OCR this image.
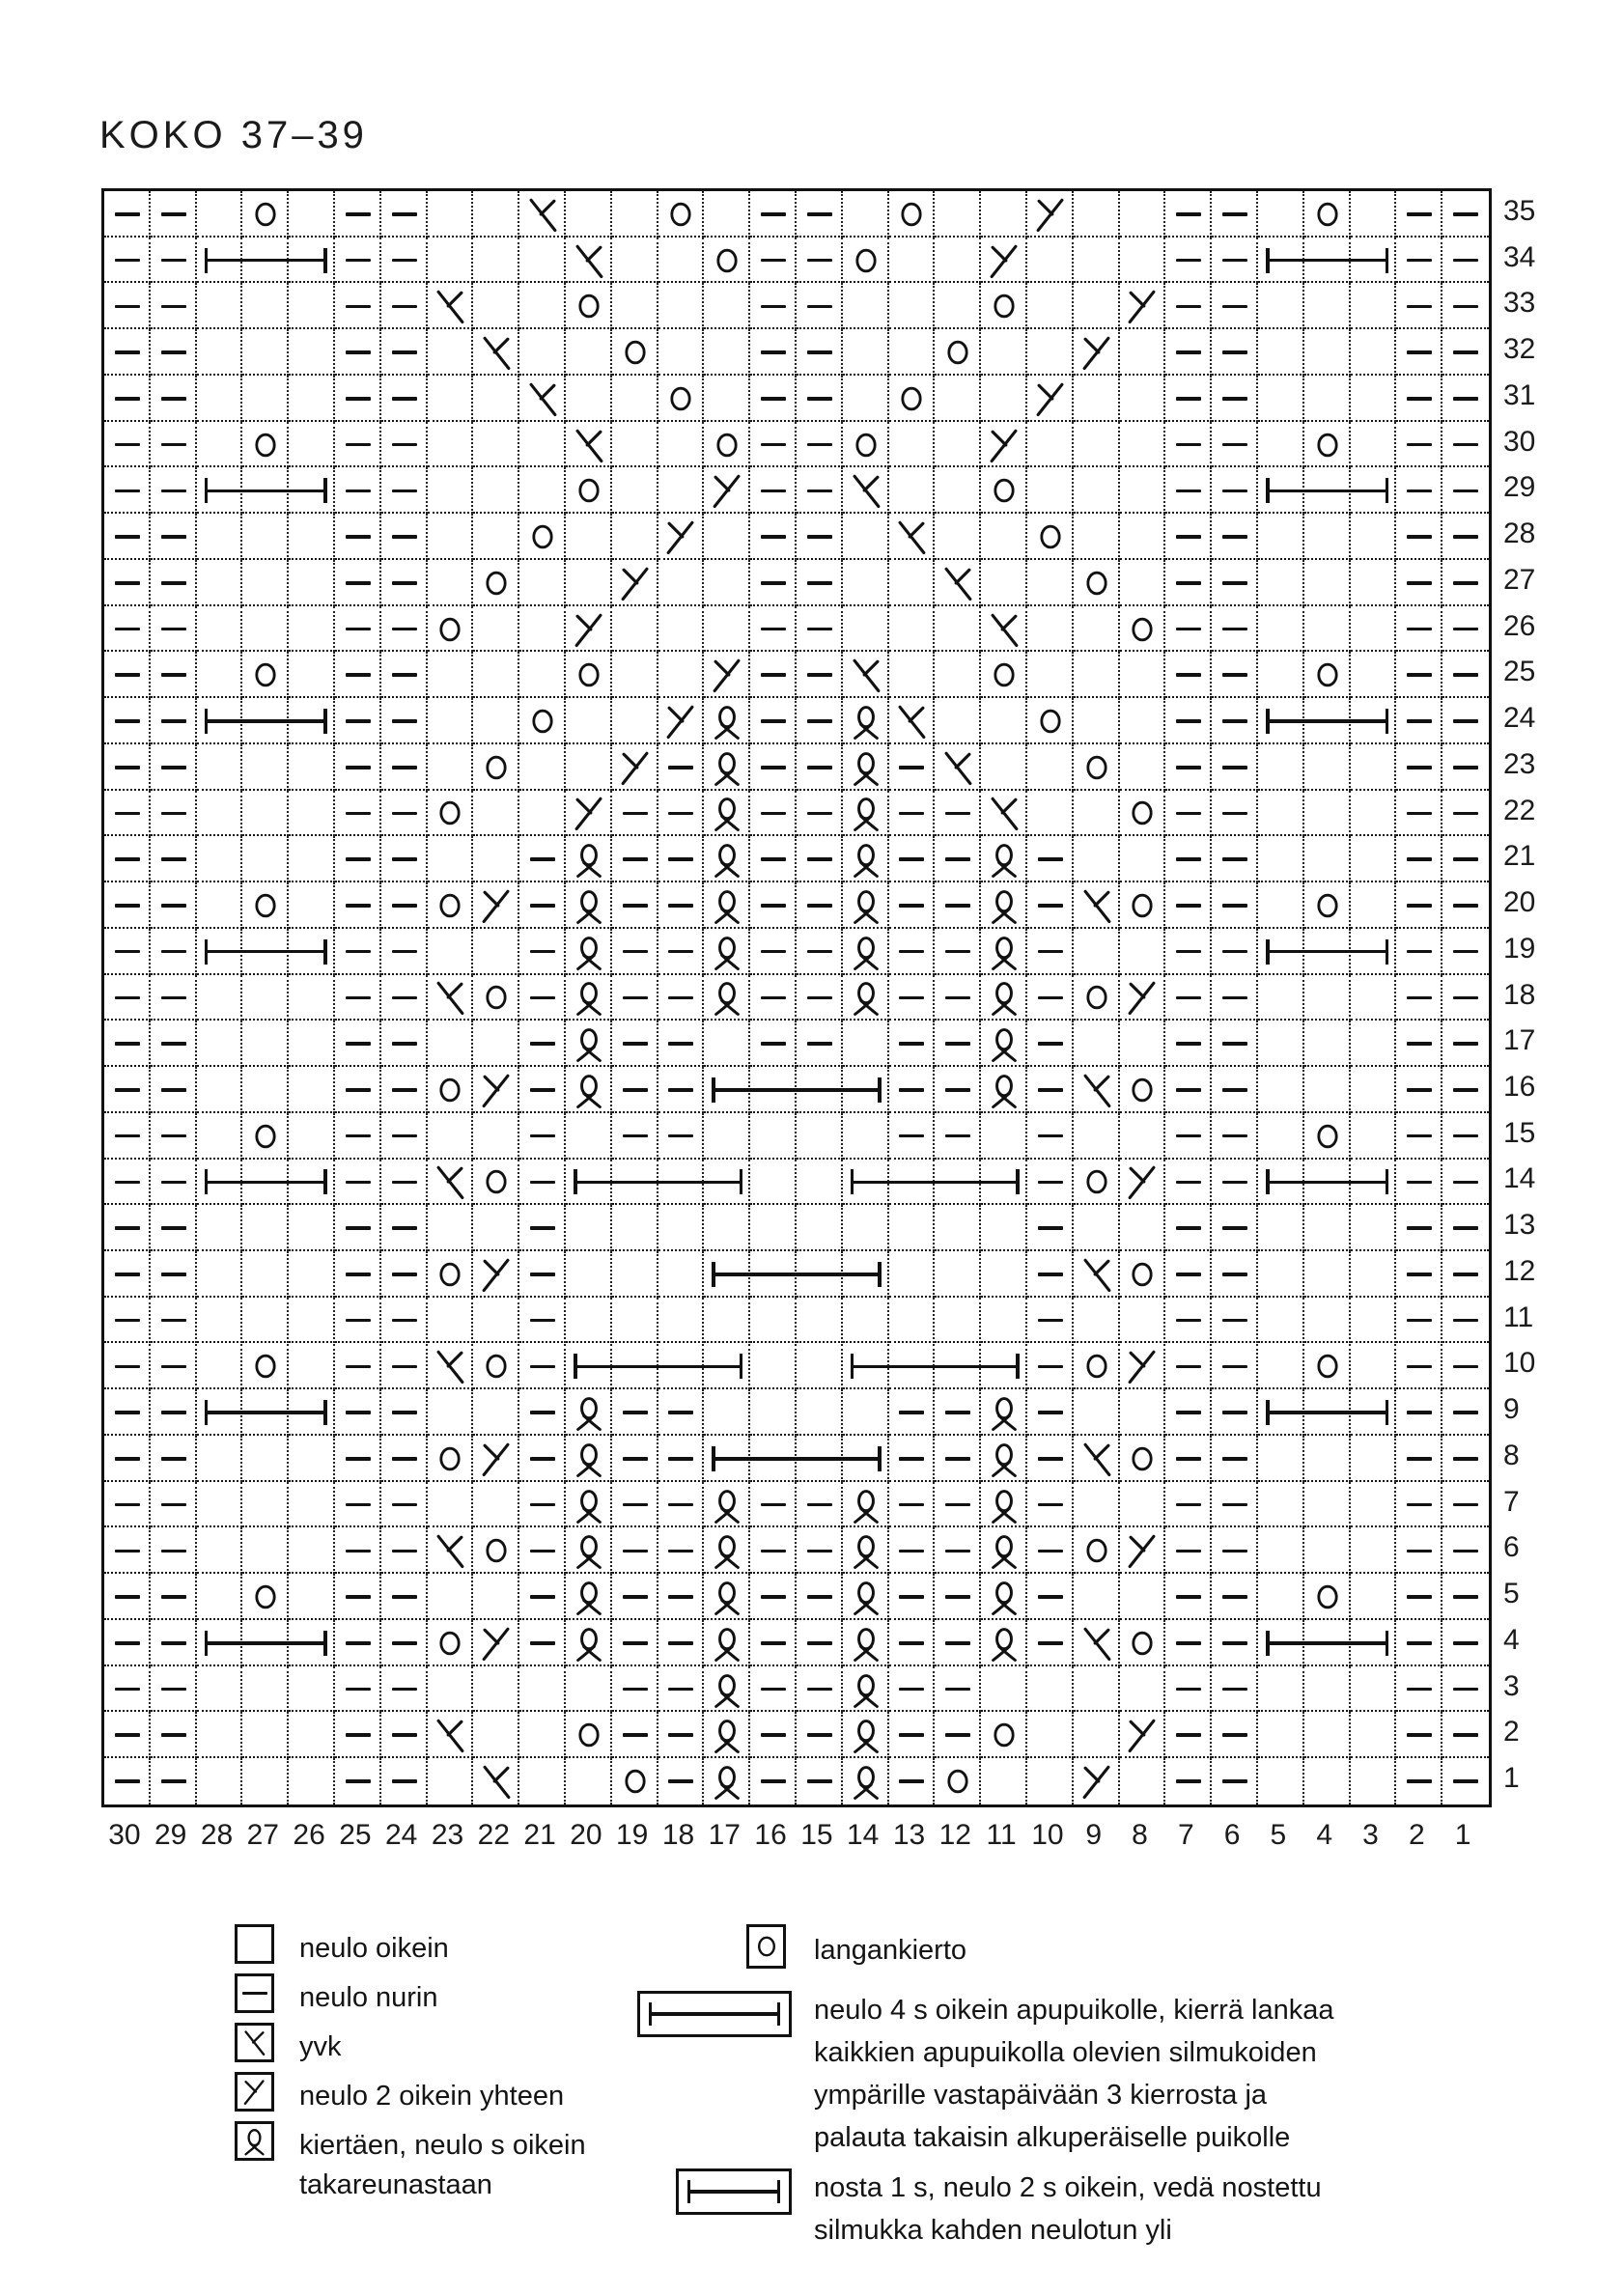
KOKO 37–39
35
34
33
32
31
30
29
28
27
26
25
24
23
22
21
20
19
18
17
16
15
14
13
12
11
10
9
8
7
6
5
4
3
2
1
30 29 28 27 26 25 24 23 22 21 20 19 18 17 16 15 14 13 12 11 10 9 8 7 6 5 4 3 2 1
neulo oikein
neulo nurin
yvk
neulo 2 oikein yhteen
kiertäen, neulo s oikein
takareunastaan
langankierto
neulo 4 s oikein apupuikolle, kierrä lankaa
kaikkien apupuikolla olevien silmukoiden
ympärille vastapäivään 3 kierrosta ja
palauta takaisin alkuperäiselle puikolle
nosta 1 s, neulo 2 s oikein, vedä nostettu
silmukka kahden neulotun yli
